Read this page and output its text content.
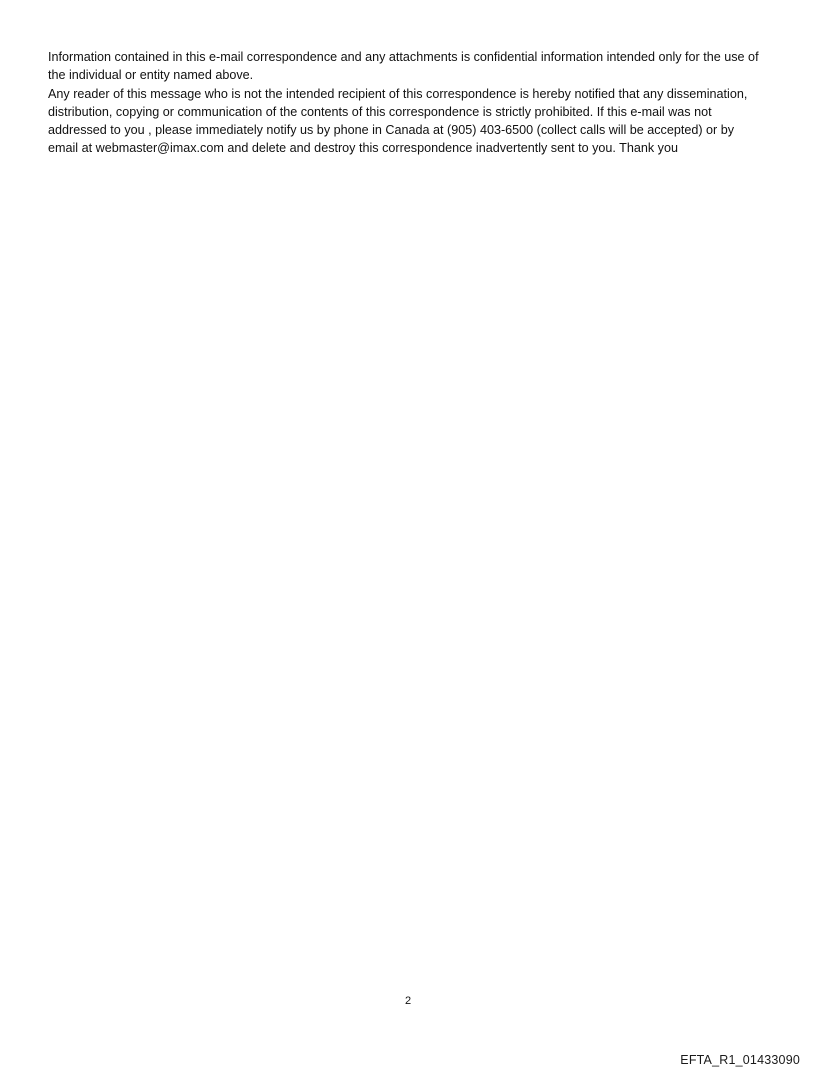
Information contained in this e-mail correspondence and any attachments is confidential information intended only for the use of the individual or entity named above.

Any reader of this message who is not the intended recipient of this correspondence is hereby notified that any dissemination, distribution, copying or communication of the contents of this correspondence is strictly prohibited. If this e-mail was not addressed to you , please immediately notify us by phone in Canada at (905) 403-6500 (collect calls will be accepted) or by email at webmaster@imax.com and delete and destroy this correspondence inadvertently sent to you. Thank you

2
EFTA_R1_01433090
